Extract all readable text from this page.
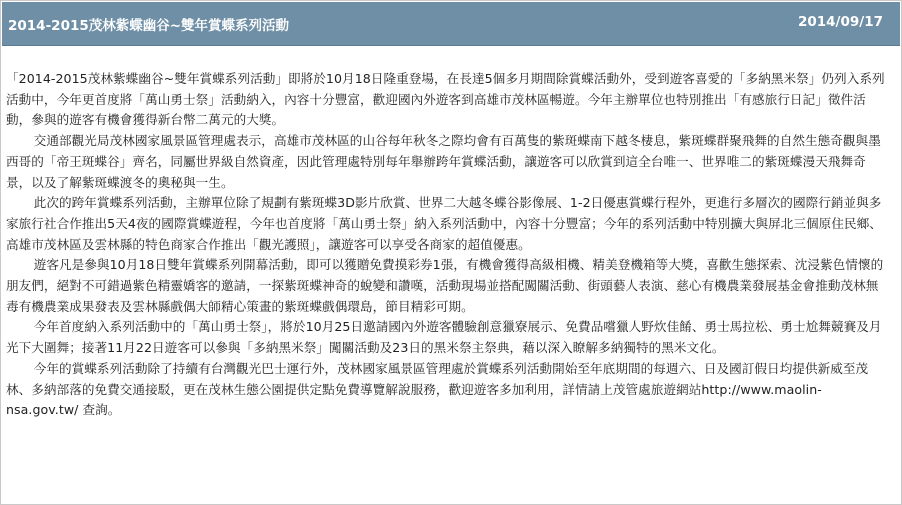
2014-2015茂林紫蝶幽谷~雙年賞蝶系列活動	2014/09/17

「2014-2015茂林紫蝶幽谷~雙年賞蝶系列活動」即將於10月18日隆重登場，在長達5個多月期間除賞蝶活動外，受到遊客喜愛的「多納黑米祭」仍列入系列活動中，今年更首度將「萬山勇士祭」活動納入，內容十分豐富，歡迎國內外遊客到高雄市茂林區暢遊。今年主辦單位也特別推出「有感旅行日記」徵件活動，參與的遊客有機會獲得新台幣二萬元的大獎。

交通部觀光局茂林國家風景區管理處表示，高雄市茂林區的山谷每年秋冬之際均會有百萬隻的紫斑蝶南下越冬棲息，紫斑蝶群聚飛舞的自然生態奇觀與墨西哥的「帝王斑蝶谷」齊名，同屬世界級自然資產，因此管理處特別每年舉辦跨年賞蝶活動，讓遊客可以欣賞到這全台唯一、世界唯二的紫斑蝶漫天飛舞奇景，以及了解紫斑蝶渡冬的奧秘與一生。

此次的跨年賞蝶系列活動，主辦單位除了規劃有紫斑蝶3D影片欣賞、世界二大越冬蝶谷影像展、1-2日優惠賞蝶行程外，更進行多層次的國際行銷並與多家旅行社合作推出5天4夜的國際賞蝶遊程，今年也首度將「萬山勇士祭」納入系列活動中，內容十分豐富；今年的系列活動中特別擴大與屏北三個原住民鄉、高雄市茂林區及雲林縣的特色商家合作推出「觀光護照」，讓遊客可以享受各商家的超值優惠。

遊客凡是參與10月18日雙年賞蝶系列開幕活動，即可以獲贈免費摸彩券1張，有機會獲得高級相機、精美登機箱等大獎，喜歡生態探索、沈浸紫色情懷的朋友們，絕對不可錯過紫色精靈嬌客的邀請，一探紫斑蝶神奇的蛻變和讚嘆，活動現場並搭配闖關活動、街頭藝人表演、慈心有機農業發展基金會推動茂林無毒有機農業成果發表及雲林縣戲偶大師精心策畫的紫斑蝶戲偶環島，節目精彩可期。

今年首度納入系列活動中的「萬山勇士祭」，將於10月25日邀請國內外遊客體驗創意獵寮展示、免費品嚐獵人野炊佳餚、勇士馬拉松、勇士尬舞競賽及月光下大圍舞；接著11月22日遊客可以參與「多納黑米祭」闖關活動及23日的黑米祭主祭典，藉以深入瞭解多納獨特的黑米文化。

今年的賞蝶系列活動除了持續有台灣觀光巴士運行外，茂林國家風景區管理處於賞蝶系列活動開始至年底期間的每週六、日及國訂假日均提供新威至茂林、多納部落的免費交通接駁，更在茂林生態公園提供定點免費導覽解說服務，歡迎遊客多加利用，詳情請上茂管處旅遊網站http://www.maolin-nsa.gov.tw/ 查詢。
